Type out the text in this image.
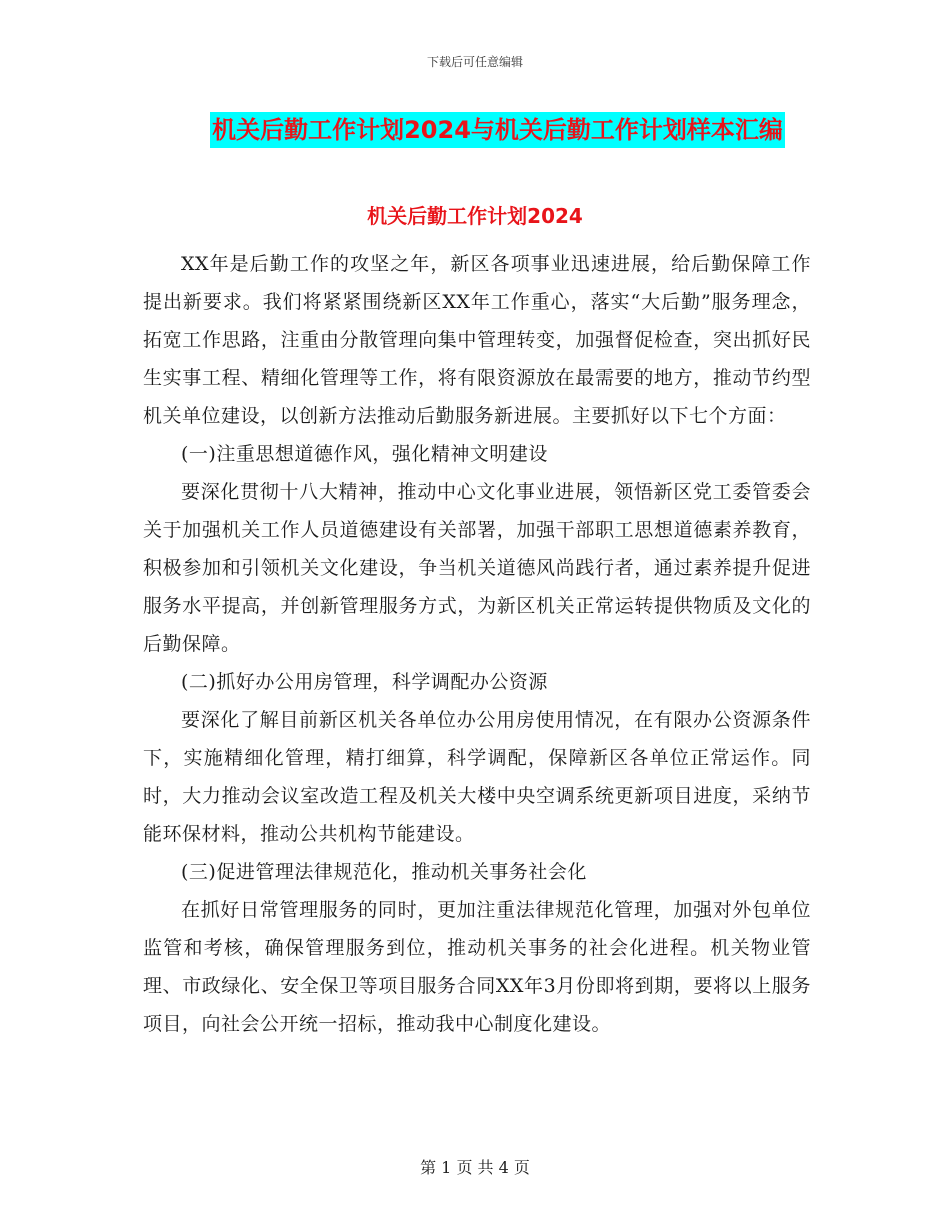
下载后可任意编辑
机关后勤工作计划2024与机关后勤工作计划样本汇编
机关后勤工作计划2024

XX年是后勤工作的攻坚之年，新区各项事业迅速进展，给后勤保障工作提出新要求。我们将紧紧围绕新区XX年工作重心，落实“大后勤”服务理念，拓宽工作思路，注重由分散管理向集中管理转变，加强督促检查，突出抓好民生实事工程、精细化管理等工作，将有限资源放在最需要的地方，推动节约型机关单位建设，以创新方法推动后勤服务新进展。主要抓好以下七个方面：

(一)注重思想道德作风，强化精神文明建设

要深化贯彻十八大精神，推动中心文化事业进展，领悟新区党工委管委会关于加强机关工作人员道德建设有关部署，加强干部职工思想道德素养教育，积极参加和引领机关文化建设，争当机关道德风尚践行者，通过素养提升促进服务水平提高，并创新管理服务方式，为新区机关正常运转提供物质及文化的后勤保障。

(二)抓好办公用房管理，科学调配办公资源

要深化了解目前新区机关各单位办公用房使用情况，在有限办公资源条件下，实施精细化管理，精打细算，科学调配，保障新区各单位正常运作。同时，大力推动会议室改造工程及机关大楼中央空调系统更新项目进度，采纳节能环保材料，推动公共机构节能建设。

(三)促进管理法律规范化，推动机关事务社会化

在抓好日常管理服务的同时，更加注重法律规范化管理，加强对外包单位监管和考核，确保管理服务到位，推动机关事务的社会化进程。机关物业管理、市政绿化、安全保卫等项目服务合同XX年3月份即将到期，要将以上服务项目，向社会公开统一招标，推动我中心制度化建设。

第 1 页 共 4 页
